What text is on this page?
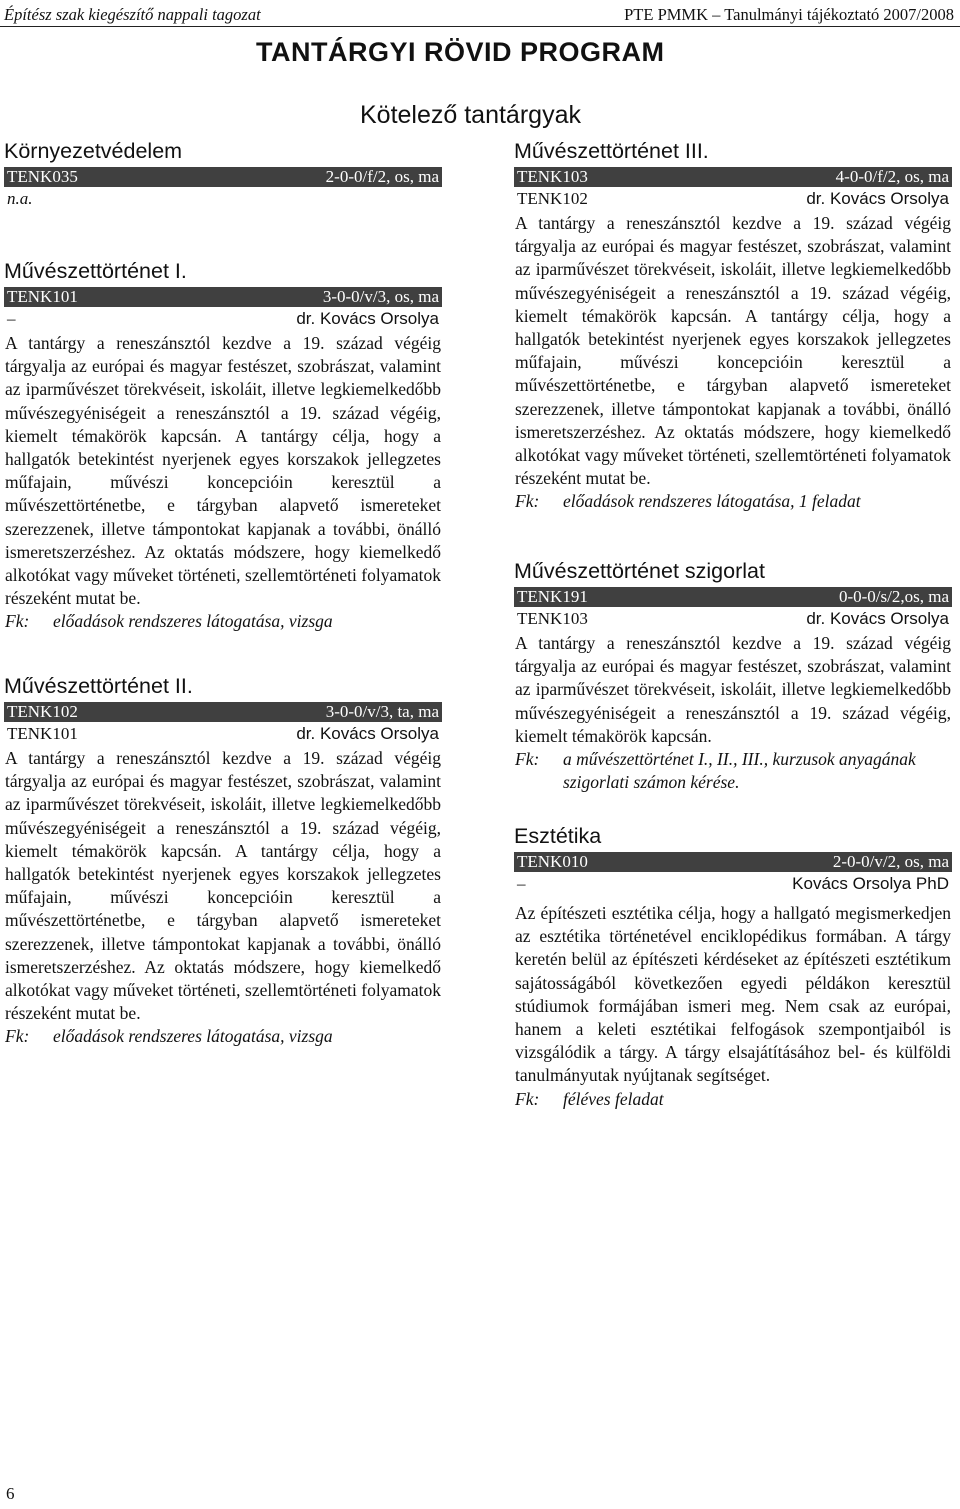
Építész szak kiegészítő nappali tagozat	PTE PMMK – Tanulmányi tájékoztató 2007/2008
TANTÁRGYI RÖVID PROGRAM
Kötelező tantárgyak
Környezetvédelem
TENK035	2-0-0/f/2, os, ma
n.a.
Művészettörténet I.
TENK101	3-0-0/v/3, os, ma
–	dr. Kovács Orsolya
A tantárgy a reneszánsztól kezdve a 19. század végéig tárgyalja az európai és magyar festészet, szobrászat, valamint az iparművészet törekvéseit, iskoláit, illetve legkiemelkedőbb művészegyéniségeit a reneszánsztól a 19. század végéig, kiemelt témakörök kapcsán. A tantárgy célja, hogy a hallgatók betekintést nyerjenek egyes korszakok jellegzetes műfajain, művészi koncepcióin keresztül a művészettörténetbe, e tárgyban alapvető ismereteket szerezzenek, illetve támpontokat kapjanak a további, önálló ismeretszerzéshez. Az oktatás módszere, hogy kiemelkedő alkotókat vagy műveket történeti, szellemtörténeti folyamatok részeként mutat be.
Fk:	előadások rendszeres látogatása, vizsga
Művészettörténet II.
TENK102	3-0-0/v/3, ta, ma
TENK101	dr. Kovács Orsolya
A tantárgy a reneszánsztól kezdve a 19. század végéig tárgyalja az európai és magyar festészet, szobrászat, valamint az iparművészet törekvéseit, iskoláit, illetve legkiemelkedőbb művészegyéniségeit a reneszánsztól a 19. század végéig, kiemelt témakörök kapcsán. A tantárgy célja, hogy a hallgatók betekintést nyerjenek egyes korszakok jellegzetes műfajain, művészi koncepcióin keresztül a művészettörténetbe, e tárgyban alapvető ismereteket szerezzenek, illetve támpontokat kapjanak a további, önálló ismeretszerzéshez. Az oktatás módszere, hogy kiemelkedő alkotókat vagy műveket történeti, szellemtörténeti folyamatok részeként mutat be.
Fk:	előadások rendszeres látogatása, vizsga
Művészettörténet III.
TENK103	4-0-0/f/2, os, ma
TENK102	dr. Kovács Orsolya
A tantárgy a reneszánsztól kezdve a 19. század végéig tárgyalja az európai és magyar festészet, szobrászat, valamint az iparművészet törekvéseit, iskoláit, illetve legkiemelkedőbb művészegyéniségeit a reneszánsztól a 19. század végéig, kiemelt témakörök kapcsán. A tantárgy célja, hogy a hallgatók betekintést nyerjenek egyes korszakok jellegzetes műfajain, művészi koncepcióin keresztül a művészettörténetbe, e tárgyban alapvető ismereteket szerezzenek, illetve támpontokat kapjanak a további, önálló ismeretszerzéshez. Az oktatás módszere, hogy kiemelkedő alkotókat vagy műveket történeti, szellemtörténeti folyamatok részeként mutat be.
Fk:	előadások rendszeres látogatása, 1 feladat
Művészettörténet szigorlat
TENK191	0-0-0/s/2,os, ma
TENK103	dr. Kovács Orsolya
A tantárgy a reneszánsztól kezdve a 19. század végéig tárgyalja az európai és magyar festészet, szobrászat, valamint az iparművészet törekvéseit, iskoláit, illetve legkiemelkedőbb művészegyéniségeit a reneszánsztól a 19. század végéig, kiemelt témakörök kapcsán.
Fk:	a művészettörténet I., II., III., kurzusok anyagának szigorlati számon kérése.
Esztétika
TENK010	2-0-0/v/2, os, ma
–	Kovács Orsolya PhD
Az építészeti esztétika célja, hogy a hallgató megismerkedjen az esztétika történetével enciklopédikus formában. A tárgy keretén belül az építészeti kérdéseket az építészeti esztétikum sajátosságából következően egyedi példákon keresztül stúdiumok formájában ismeri meg. Nem csak az európai, hanem a keleti esztétikai felfogások szempontjaiból is vizsgálódik a tárgy. A tárgy elsajátításához bel- és külföldi tanulmányutak nyújtanak segítséget.
Fk:	féléves feladat
6
